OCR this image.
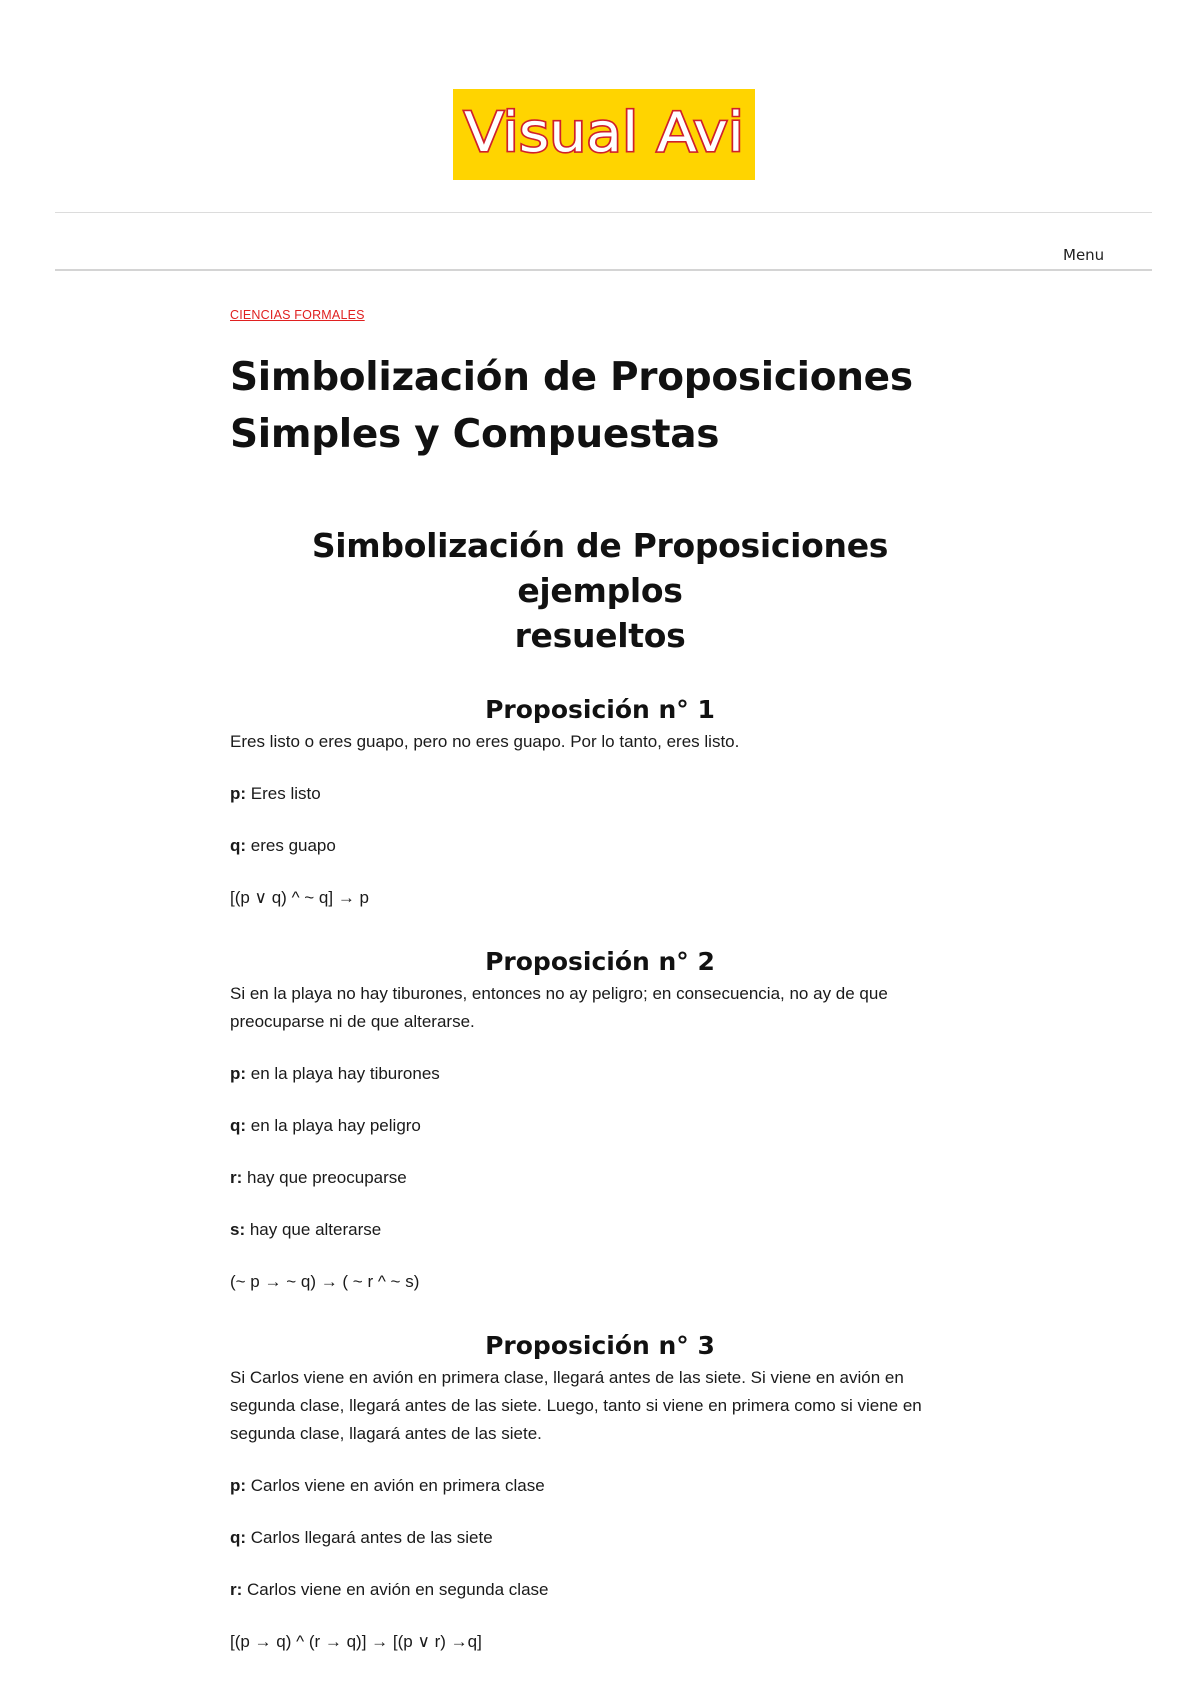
Visual Avi
Menu
CIENCIAS FORMALES
Simbolización de Proposiciones
Simples y Compuestas
Simbolización de Proposiciones ejemplos
resueltos
Proposición n° 1

Eres listo o eres guapo, pero no eres guapo. Por lo tanto, eres listo.

p: Eres listo

q: eres guapo

[(p ∨ q) ^ ~ q] → p

Proposición n° 2

Si en la playa no hay tiburones, entonces no ay peligro; en consecuencia, no ay de que
preocuparse ni de que alterarse.

p: en la playa hay tiburones

q: en la playa hay peligro

r: hay que preocuparse

s: hay que alterarse

(~ p → ~ q) → ( ~ r ^ ~ s)

Proposición n° 3

Si Carlos viene en avión en primera clase, llegará antes de las siete. Si viene en avión en
segunda clase, llegará antes de las siete. Luego, tanto si viene en primera como si viene en
segunda clase, llagará antes de las siete.

p: Carlos viene en avión en primera clase

q: Carlos llegará antes de las siete

r: Carlos viene en avión en segunda clase

[(p → q) ^ (r → q)] → [(p ∨ r) →q]
